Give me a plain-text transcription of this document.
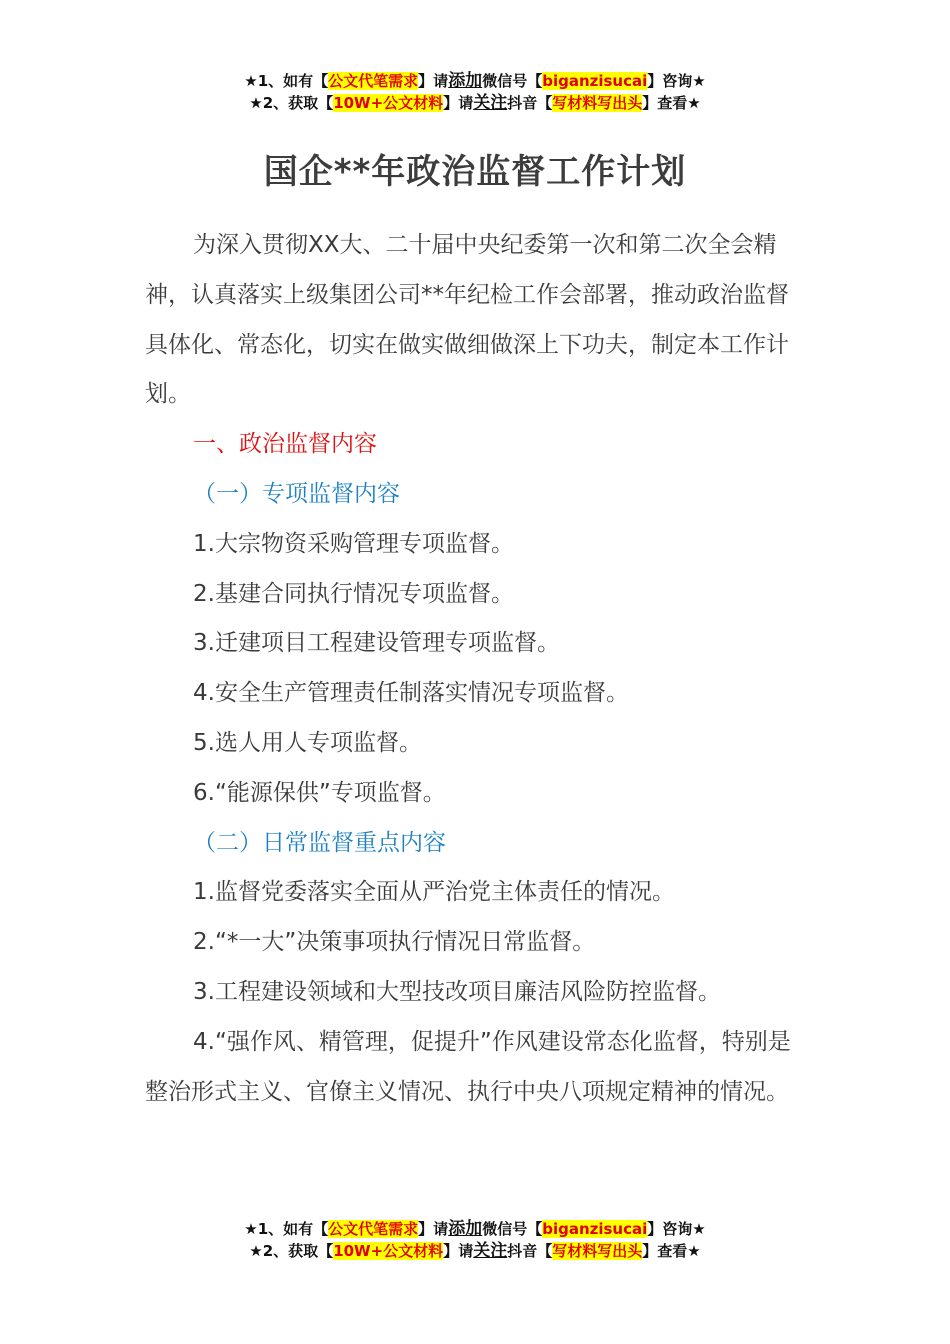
★1、如有【公文代笔需求】请添加微信号【biganzisucai】咨询★
★2、获取【10W+公文材料】请关注抖音【写材料写出头】查看★
国企**年政治监督工作计划

为深入贯彻XX大、二十届中央纪委第一次和第二次全会精神，认真落实上级集团公司**年纪检工作会部署，推动政治监督具体化、常态化，切实在做实做细做深上下功夫，制定本工作计划。

一、政治监督内容

（一）专项监督内容

1.大宗物资采购管理专项监督。

2.基建合同执行情况专项监督。

3.迁建项目工程建设管理专项监督。

4.安全生产管理责任制落实情况专项监督。

5.选人用人专项监督。

6.“能源保供”专项监督。

（二）日常监督重点内容

1.监督党委落实全面从严治党主体责任的情况。

2.“*一大”决策事项执行情况日常监督。

3.工程建设领域和大型技改项目廉洁风险防控监督。

4.“强作风、精管理，促提升”作风建设常态化监督，特别是整治形式主义、官僚主义情况、执行中央八项规定精神的情况。

★1、如有【公文代笔需求】请添加微信号【biganzisucai】咨询★
★2、获取【10W+公文材料】请关注抖音【写材料写出头】查看★
